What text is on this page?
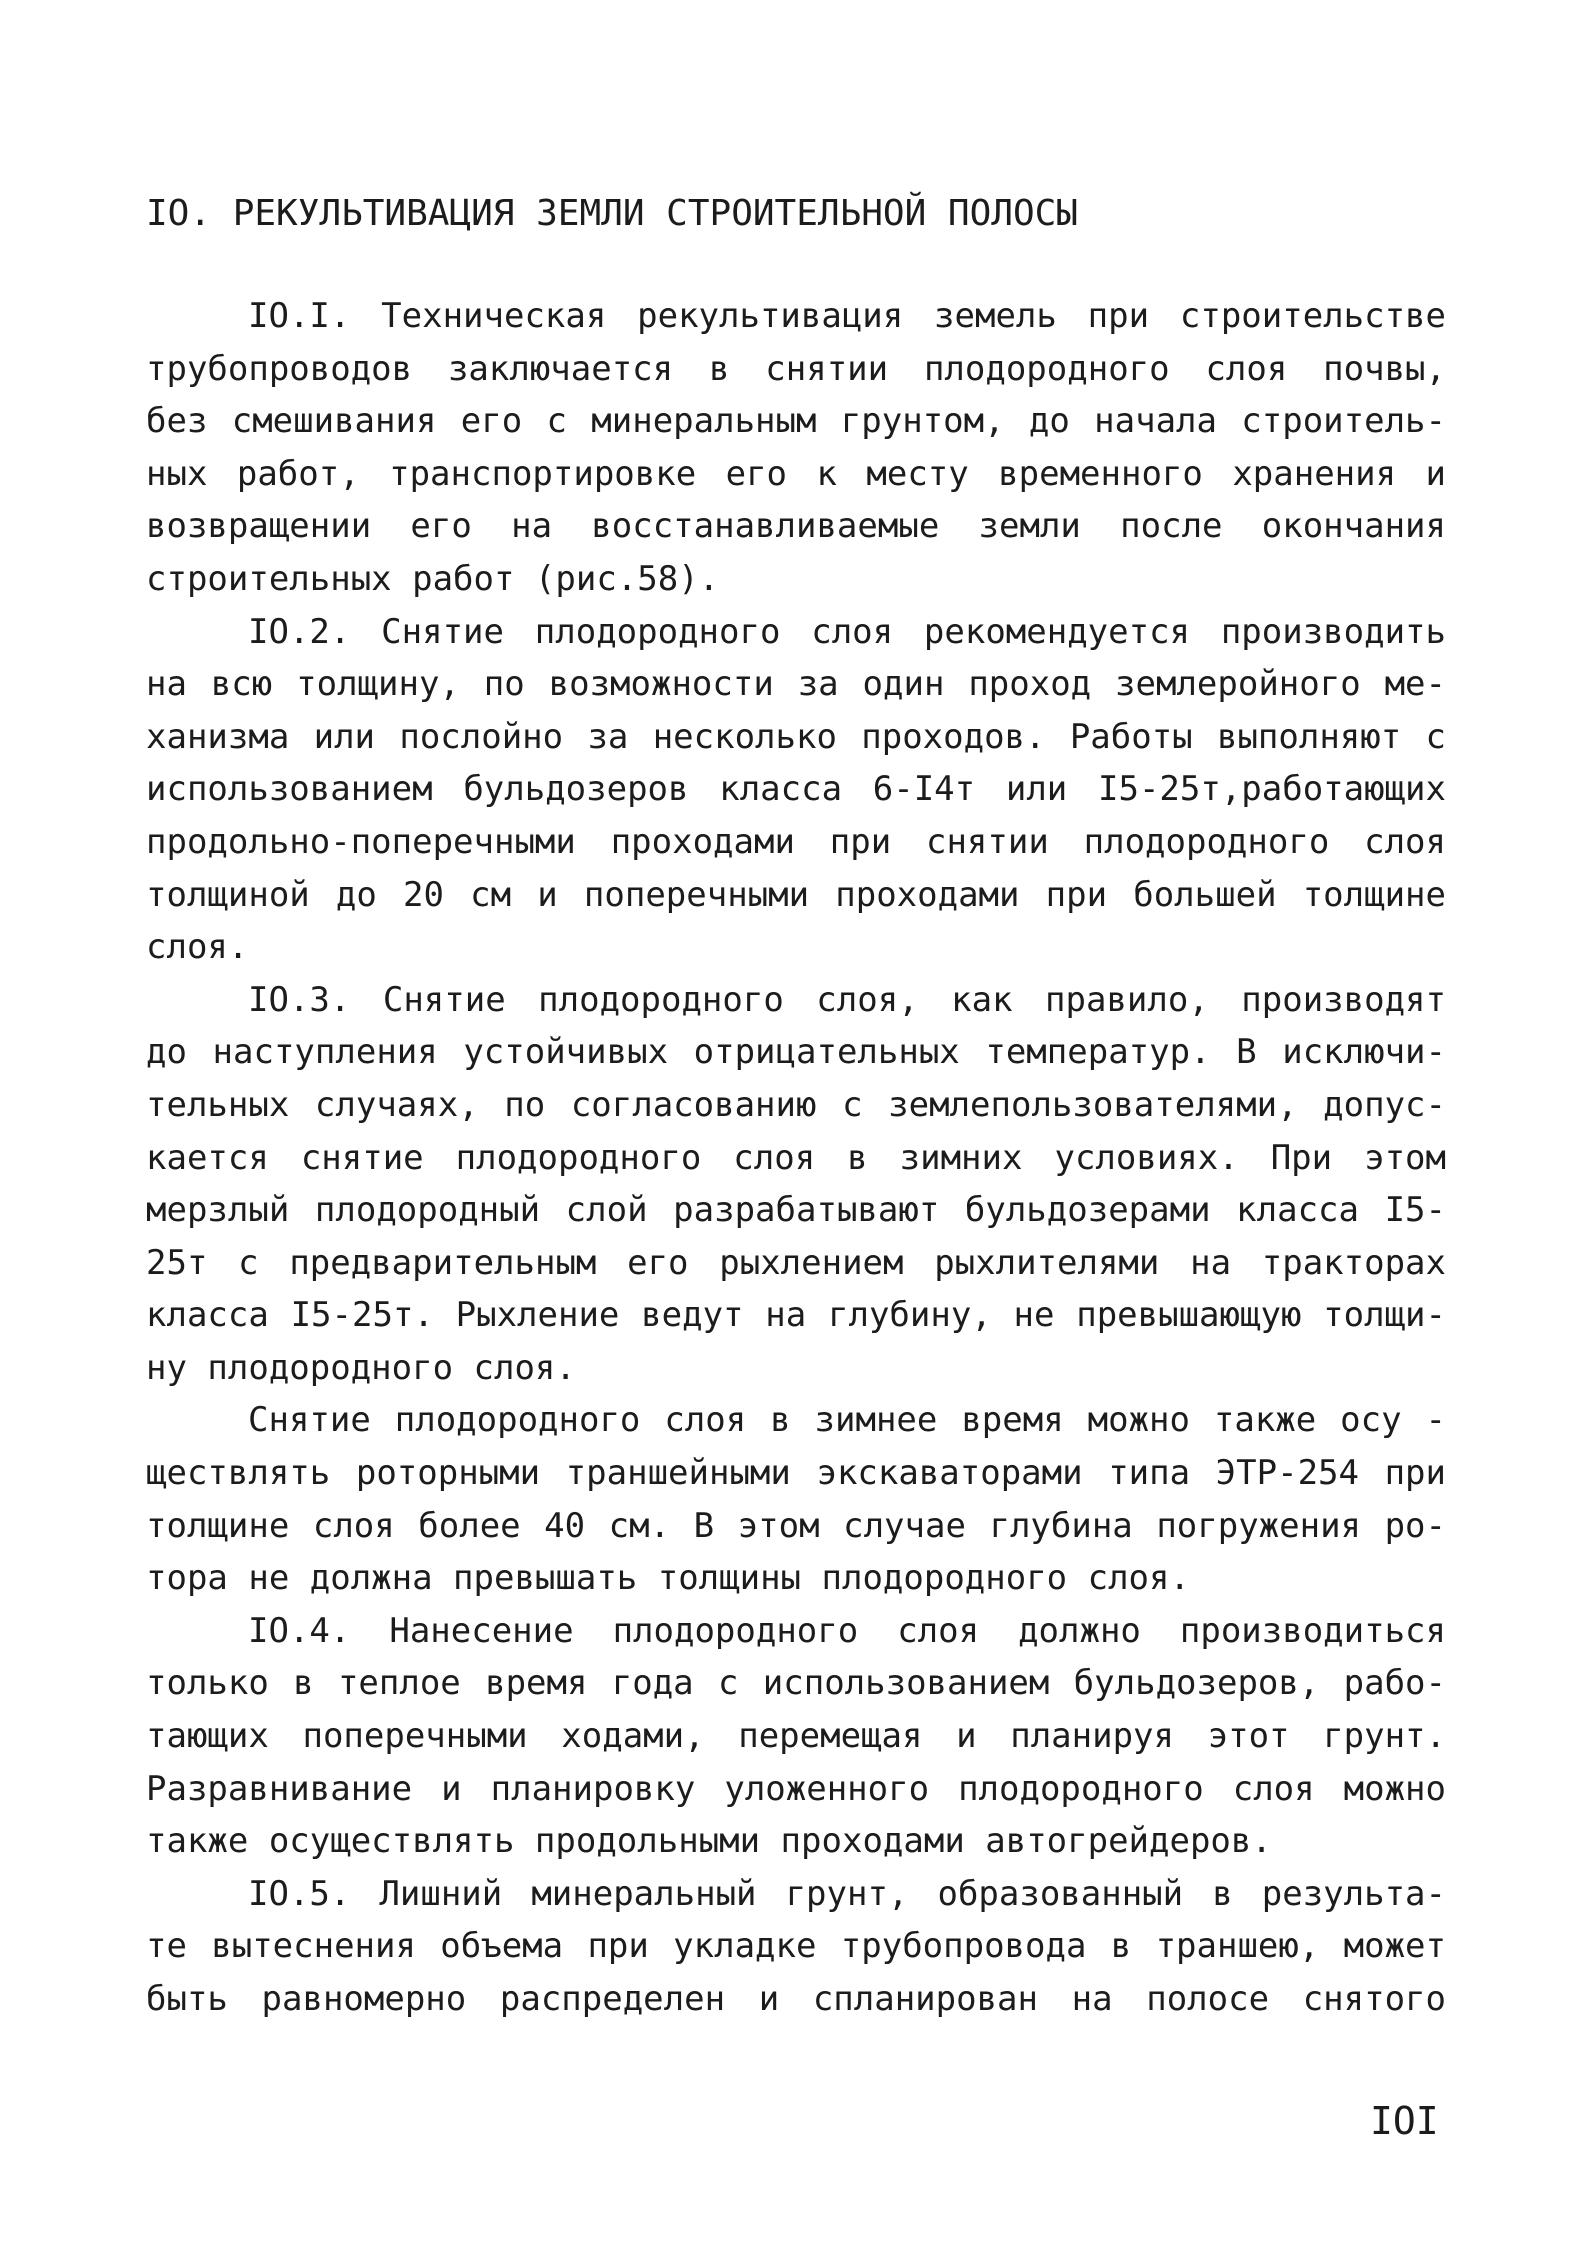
IO. РЕКУЛЬТИВАЦИЯ ЗЕМЛИ СТРОИТЕЛЬНОЙ ПОЛОСЫ
IO.I. Техническая рекультивация земель при строительстве
трубопроводов заключается в снятии плодородного слоя почвы,
без смешивания его с минеральным грунтом, до начала строитель-
ных работ, транспортировке его к месту временного хранения и
возвращении его на восстанавливаемые земли после окончания
строительных работ (рис.58).
IO.2. Снятие плодородного слоя рекомендуется производить
на всю толщину, по возможности за один проход землеройного ме-
ханизма или послойно за несколько проходов. Работы выполняют с
использованием бульдозеров класса 6-I4т или I5-25т,работающих
продольно-поперечными проходами при снятии плодородного слоя
толщиной до 20 см и поперечными проходами при большей толщине
слоя.
IO.3. Снятие плодородного слоя, как правило, производят
до наступления устойчивых отрицательных температур. В исключи-
тельных случаях, по согласованию с землепользователями, допус-
кается снятие плодородного слоя в зимних условиях. При этом
мерзлый плодородный слой разрабатывают бульдозерами класса I5-
25т с предварительным его рыхлением рыхлителями на тракторах
класса I5-25т. Рыхление ведут на глубину, не превышающую толщи-
ну плодородного слоя.
Снятие плодородного слоя в зимнее время можно также осу -
ществлять роторными траншейными экскаваторами типа ЭТР-254 при
толщине слоя более 40 см. В этом случае глубина погружения ро-
тора не должна превышать толщины плодородного слоя.
IO.4. Нанесение плодородного слоя должно производиться
только в теплое время года с использованием бульдозеров, рабо-
тающих поперечными ходами, перемещая и планируя этот грунт.
Разравнивание и планировку уложенного плодородного слоя можно
также осуществлять продольными проходами автогрейдеров.
IO.5. Лишний минеральный грунт, образованный в результа-
те вытеснения объема при укладке трубопровода в траншею, может
быть равномерно распределен и спланирован на полосе снятого
IOI
